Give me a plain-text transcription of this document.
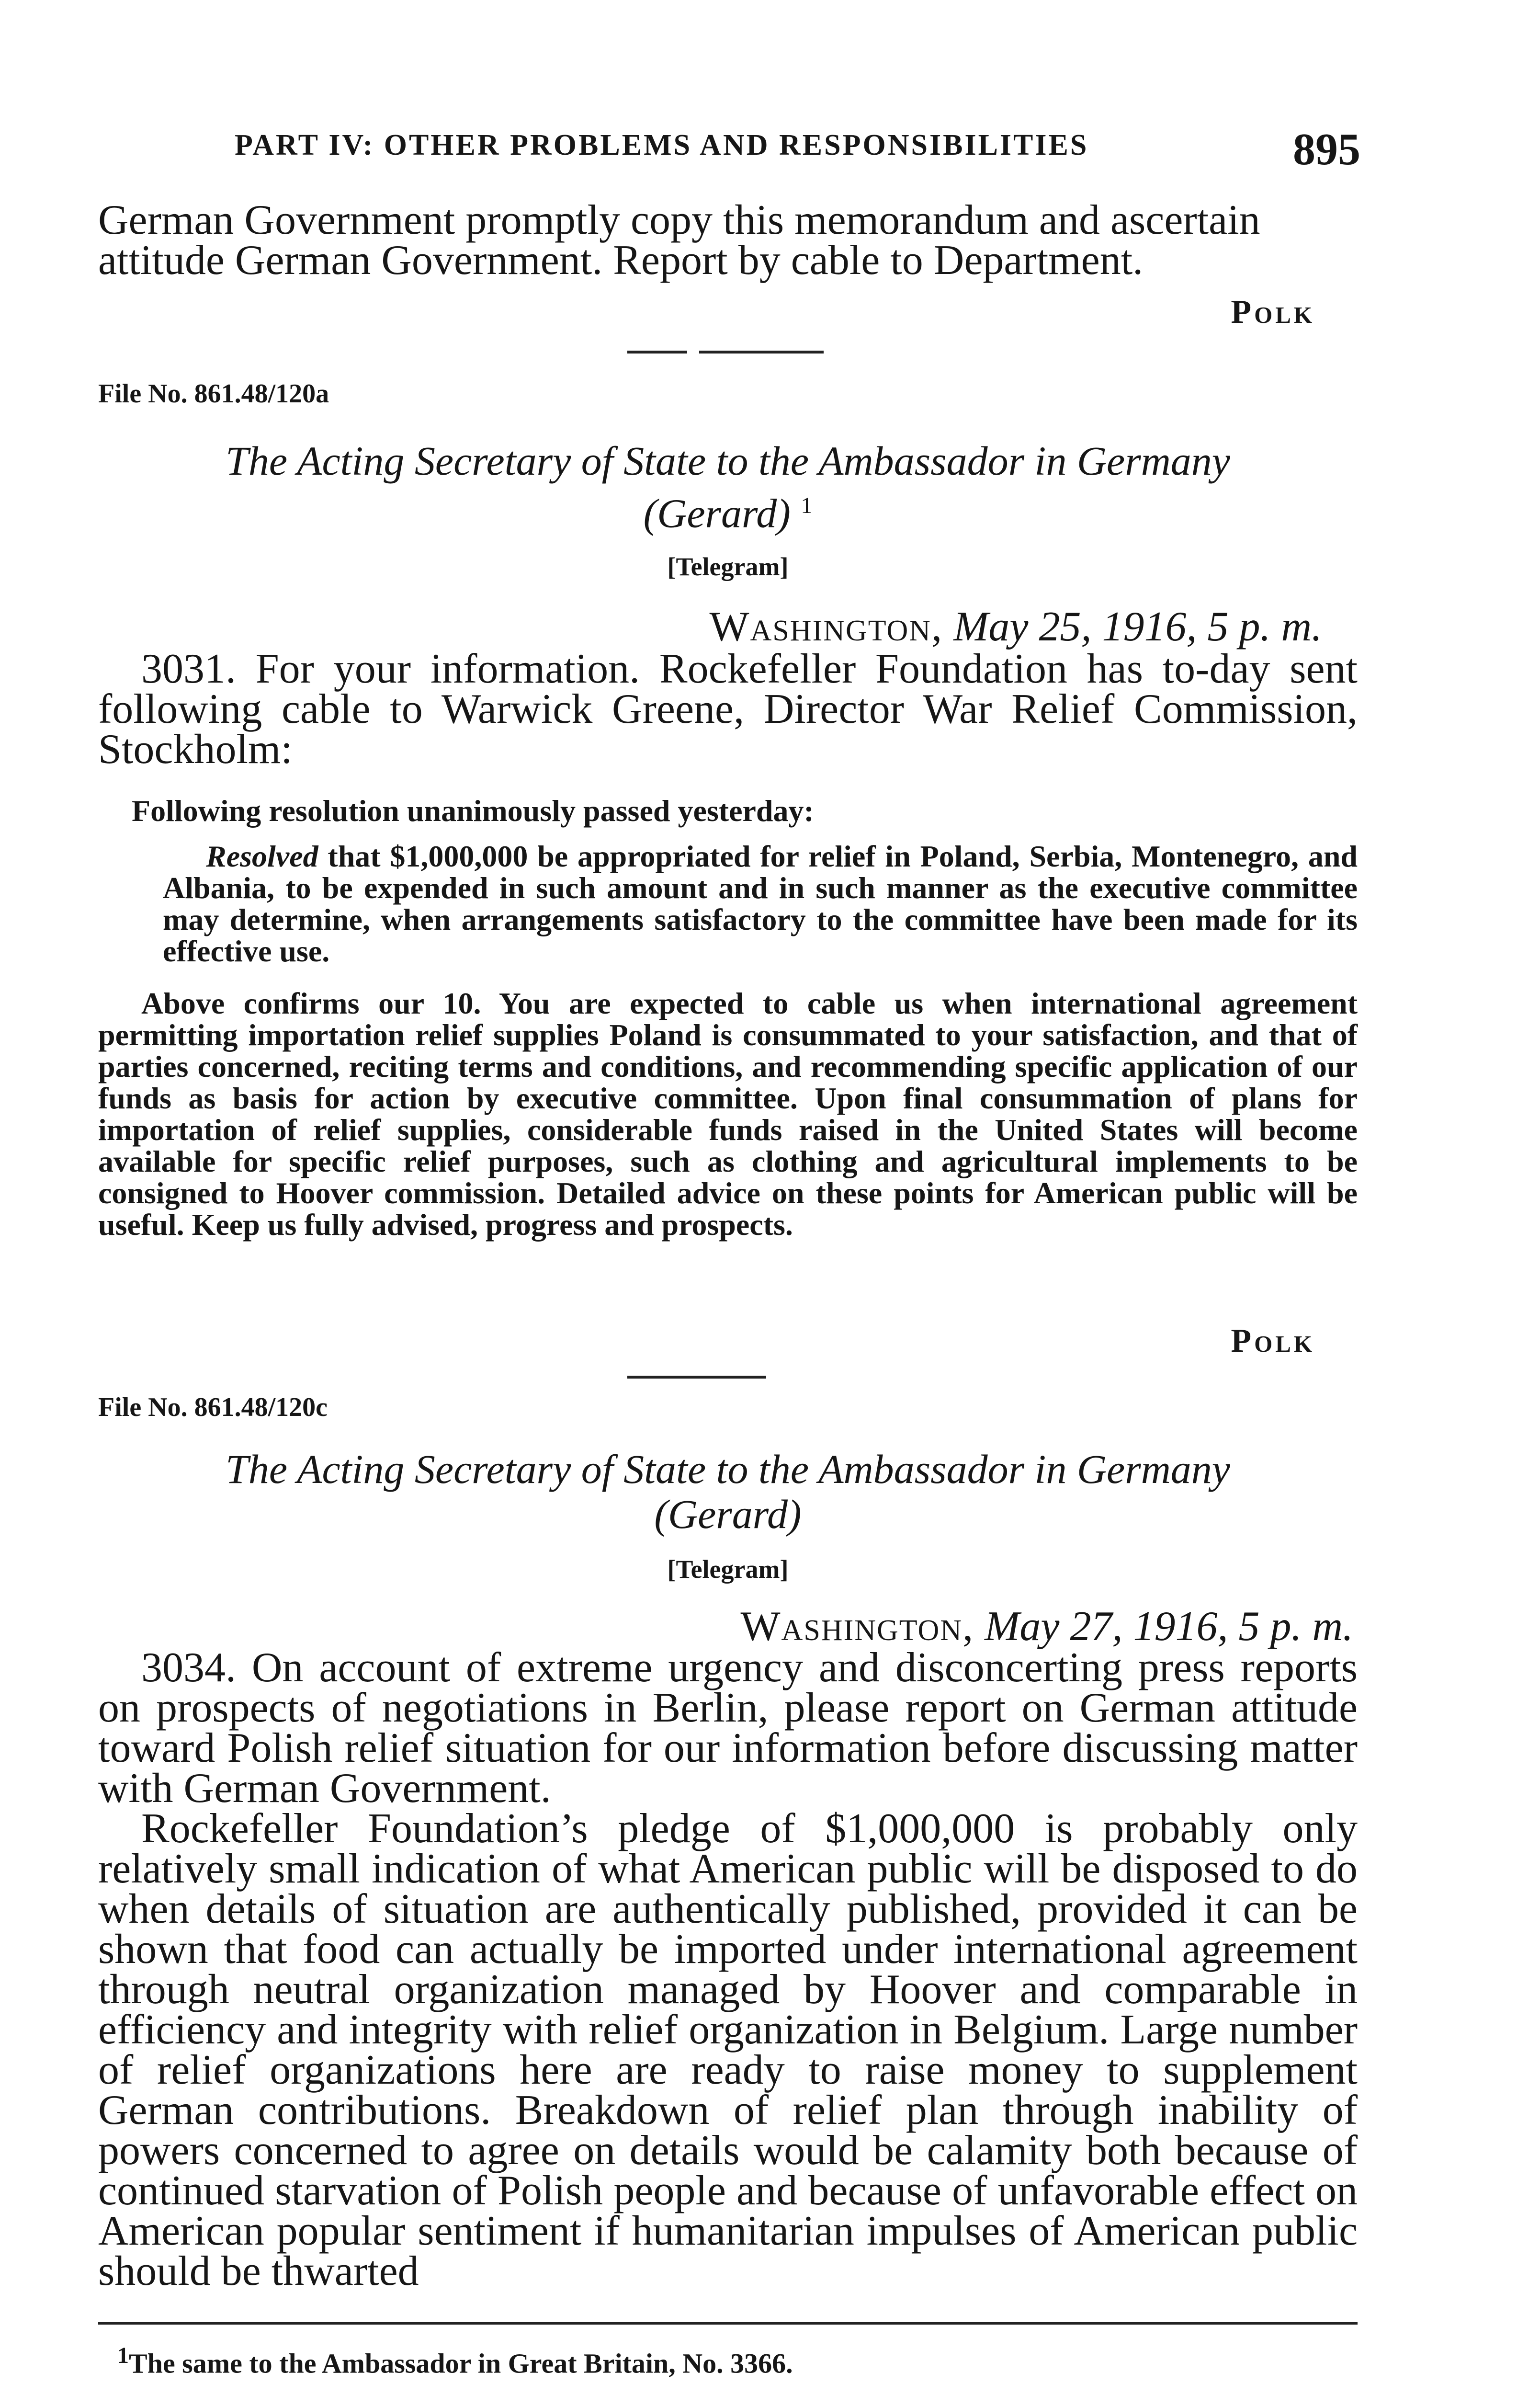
PART IV: OTHER PROBLEMS AND RESPONSIBILITIES	895

German Government promptly copy this memorandum and ascertain

attitude German Government. Report by cable to Department.

Polk
File No. 861.48/120a
The Acting Secretary of State to the Ambassador in Germany
(Gerard) $^1$
[Telegram]
Washington, May 25, 1916, 5 p. m.

3031. For your information. Rockefeller Foundation has to-day sent following cable to Warwick Greene, Director War Relief Commission, Stockholm:

Following resolution unanimously passed yesterday:

Resolved that $1,000,000 be appropriated for relief in Poland, Serbia, Montenegro, and Albania, to be expended in such amount and in such manner as the executive committee may determine, when arrangements satisfactory to the committee have been made for its effective use.

Above confirms our 10. You are expected to cable us when international agreement permitting importation relief supplies Poland is consummated to your satisfaction, and that of parties concerned, reciting terms and conditions, and recommending specific application of our funds as basis for action by executive committee. Upon final consummation of plans for importation of relief supplies, considerable funds raised in the United States will become available for specific relief purposes, such as clothing and agricultural implements to be consigned to Hoover commission. Detailed advice on these points for American public will be useful. Keep us fully advised, progress and prospects.

Polk
File No. 861.48/120c
The Acting Secretary of State to the Ambassador in Germany
(Gerard)
[Telegram]
Washington, May 27, 1916, 5 p. m.

3034. On account of extreme urgency and disconcerting press reports on prospects of negotiations in Berlin, please report on German attitude toward Polish relief situation for our information before discussing matter with German Government.

Rockefeller Foundation’s pledge of $1,000,000 is probably only relatively small indication of what American public will be disposed to do when details of situation are authentically published, provided it can be shown that food can actually be imported under international agreement through neutral organization managed by Hoover and comparable in efficiency and integrity with relief organization in Belgium. Large number of relief organizations here are ready to raise money to supplement German contributions. Breakdown of relief plan through inability of powers concerned to agree on details would be calamity both because of continued starvation of Polish people and because of unfavorable effect on American popular sentiment if humanitarian impulses of American public should be thwarted

$^1$The same to the Ambassador in Great Britain, No. 3366.
